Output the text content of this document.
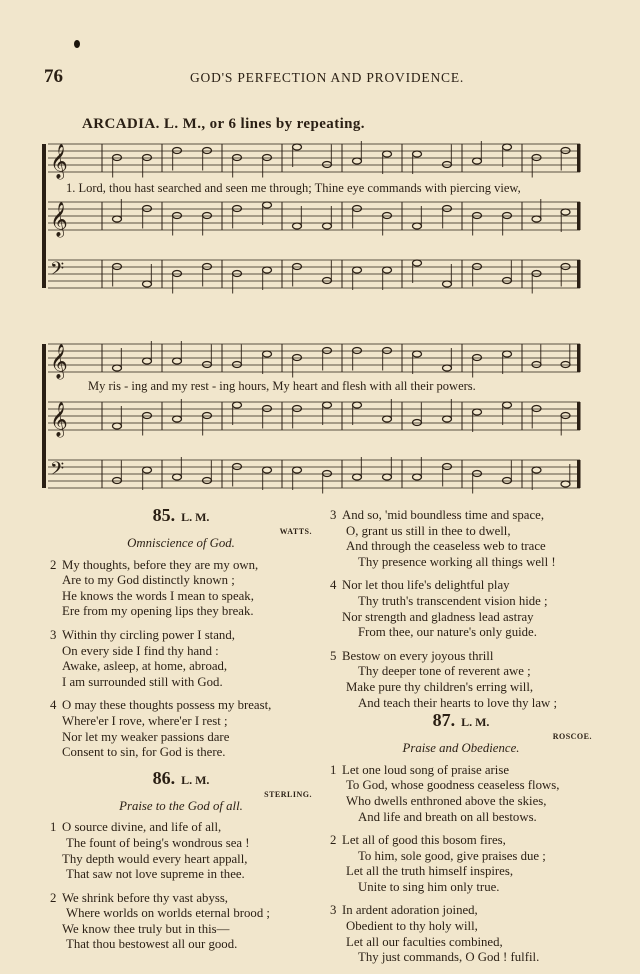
76	GOD'S PERFECTION AND PROVIDENCE.
ARCADIA. L. M., or 6 lines by repeating.
𝄞
𝄞
𝄢
1. Lord, thou hast searched and seen me through; Thine eye commands with piercing view,
𝄞
𝄞
𝄢
My ris - ing and my rest - ing hours, My heart and flesh with all their powers.
85. L. M.
WATTS.
Omniscience of God.
2 My thoughts, before they are my own,
Are to my God distinctly known ;
He knows the words I mean to speak,
Ere from my opening lips they break.
3 Within thy circling power I stand,
On every side I find thy hand :
Awake, asleep, at home, abroad,
I am surrounded still with God.
4 O may these thoughts possess my breast,
Where'er I rove, where'er I rest ;
Nor let my weaker passions dare
Consent to sin, for God is there.
86. L. M.
STERLING.
Praise to the God of all.
1 O source divine, and life of all,
The fount of being's wondrous sea !
Thy depth would every heart appall,
That saw not love supreme in thee.
2 We shrink before thy vast abyss,
Where worlds on worlds eternal brood ;
We know thee truly but in this—
That thou bestowest all our good.
3 And so, 'mid boundless time and space,
O, grant us still in thee to dwell,
And through the ceaseless web to trace
Thy presence working all things well !
4 Nor let thou life's delightful play
Thy truth's transcendent vision hide ;
Nor strength and gladness lead astray
From thee, our nature's only guide.
5 Bestow on every joyous thrill
Thy deeper tone of reverent awe ;
Make pure thy children's erring will,
And teach their hearts to love thy law ;
87. L. M.
ROSCOE.
Praise and Obedience.
1 Let one loud song of praise arise
To God, whose goodness ceaseless flows,
Who dwells enthroned above the skies,
And life and breath on all bestows.
2 Let all of good this bosom fires,
To him, sole good, give praises due ;
Let all the truth himself inspires,
Unite to sing him only true.
3 In ardent adoration joined,
Obedient to thy holy will,
Let all our faculties combined,
Thy just commands, O God ! fulfil.
